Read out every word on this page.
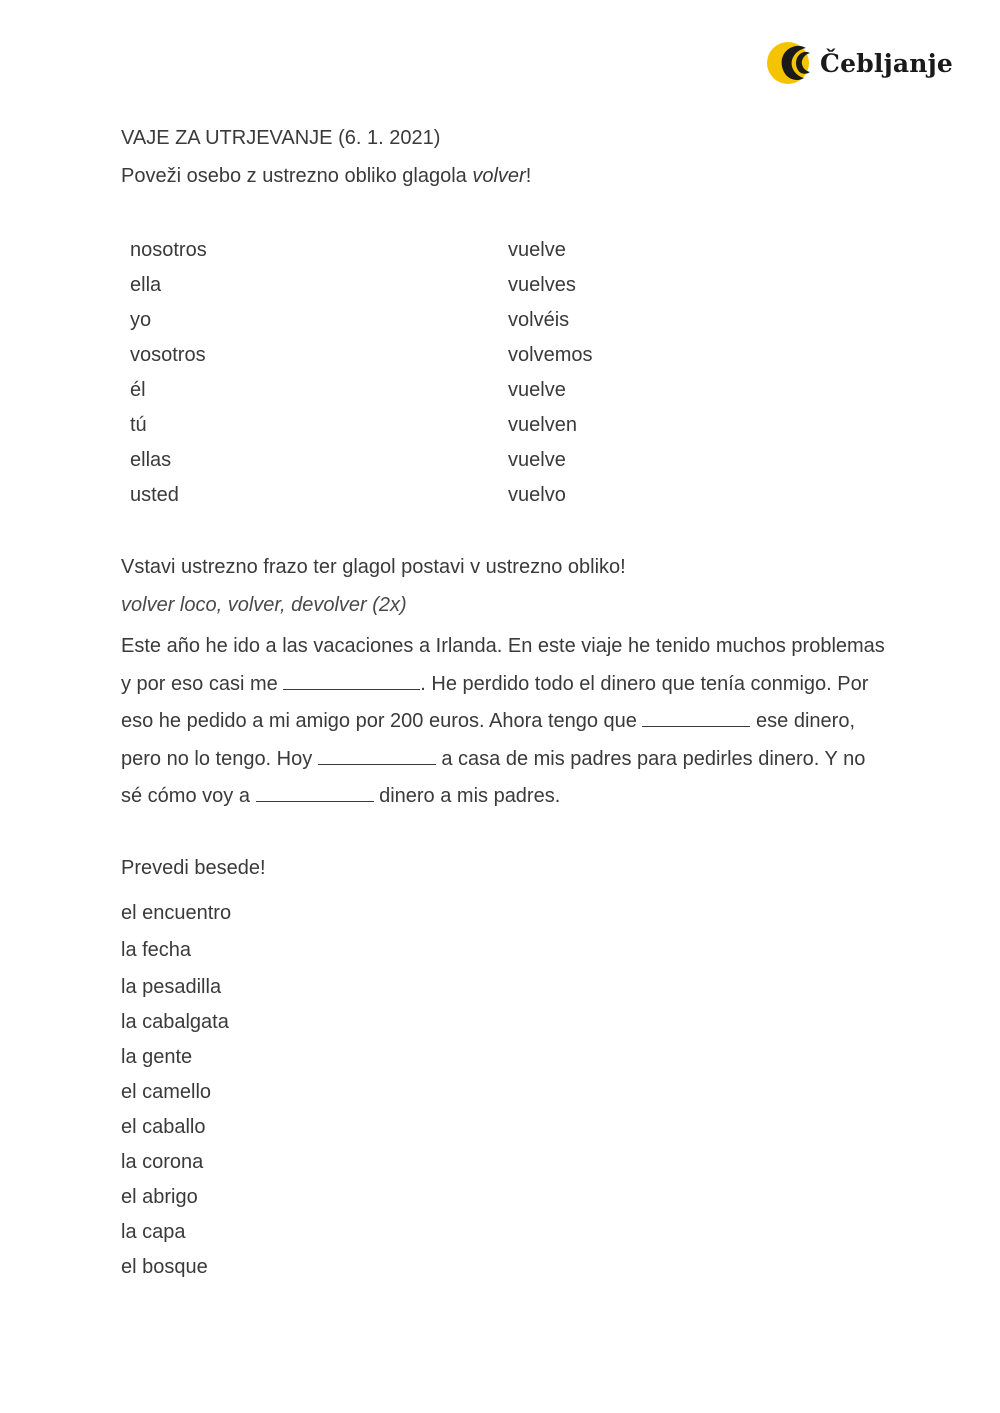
Čebljanje

VAJE ZA UTRJEVANJE (6. 1. 2021)

Poveži osebo z ustrezno obliko glagola volver!

nosotros	vuelve
ella	vuelves
yo	volvéis
vosotros	volvemos
él	vuelve
tú	vuelven
ellas	vuelve
usted	vuelvo

Vstavi ustrezno frazo ter glagol postavi v ustrezno obliko!

volver loco, volver, devolver (2x)

Este año he ido a las vacaciones a Irlanda. En este viaje he tenido muchos problemas

y por eso casi me	. He perdido todo el dinero que tenía conmigo. Por

eso he pedido a mi amigo por 200 euros. Ahora tengo que	ese dinero,

pero no lo tengo. Hoy	a casa de mis padres para pedirles dinero. Y no

sé cómo voy a	dinero a mis padres.

Prevedi besede!

el encuentro
la fecha
la pesadilla
la cabalgata
la gente
el camello
el caballo
la corona
el abrigo
la capa
el bosque
